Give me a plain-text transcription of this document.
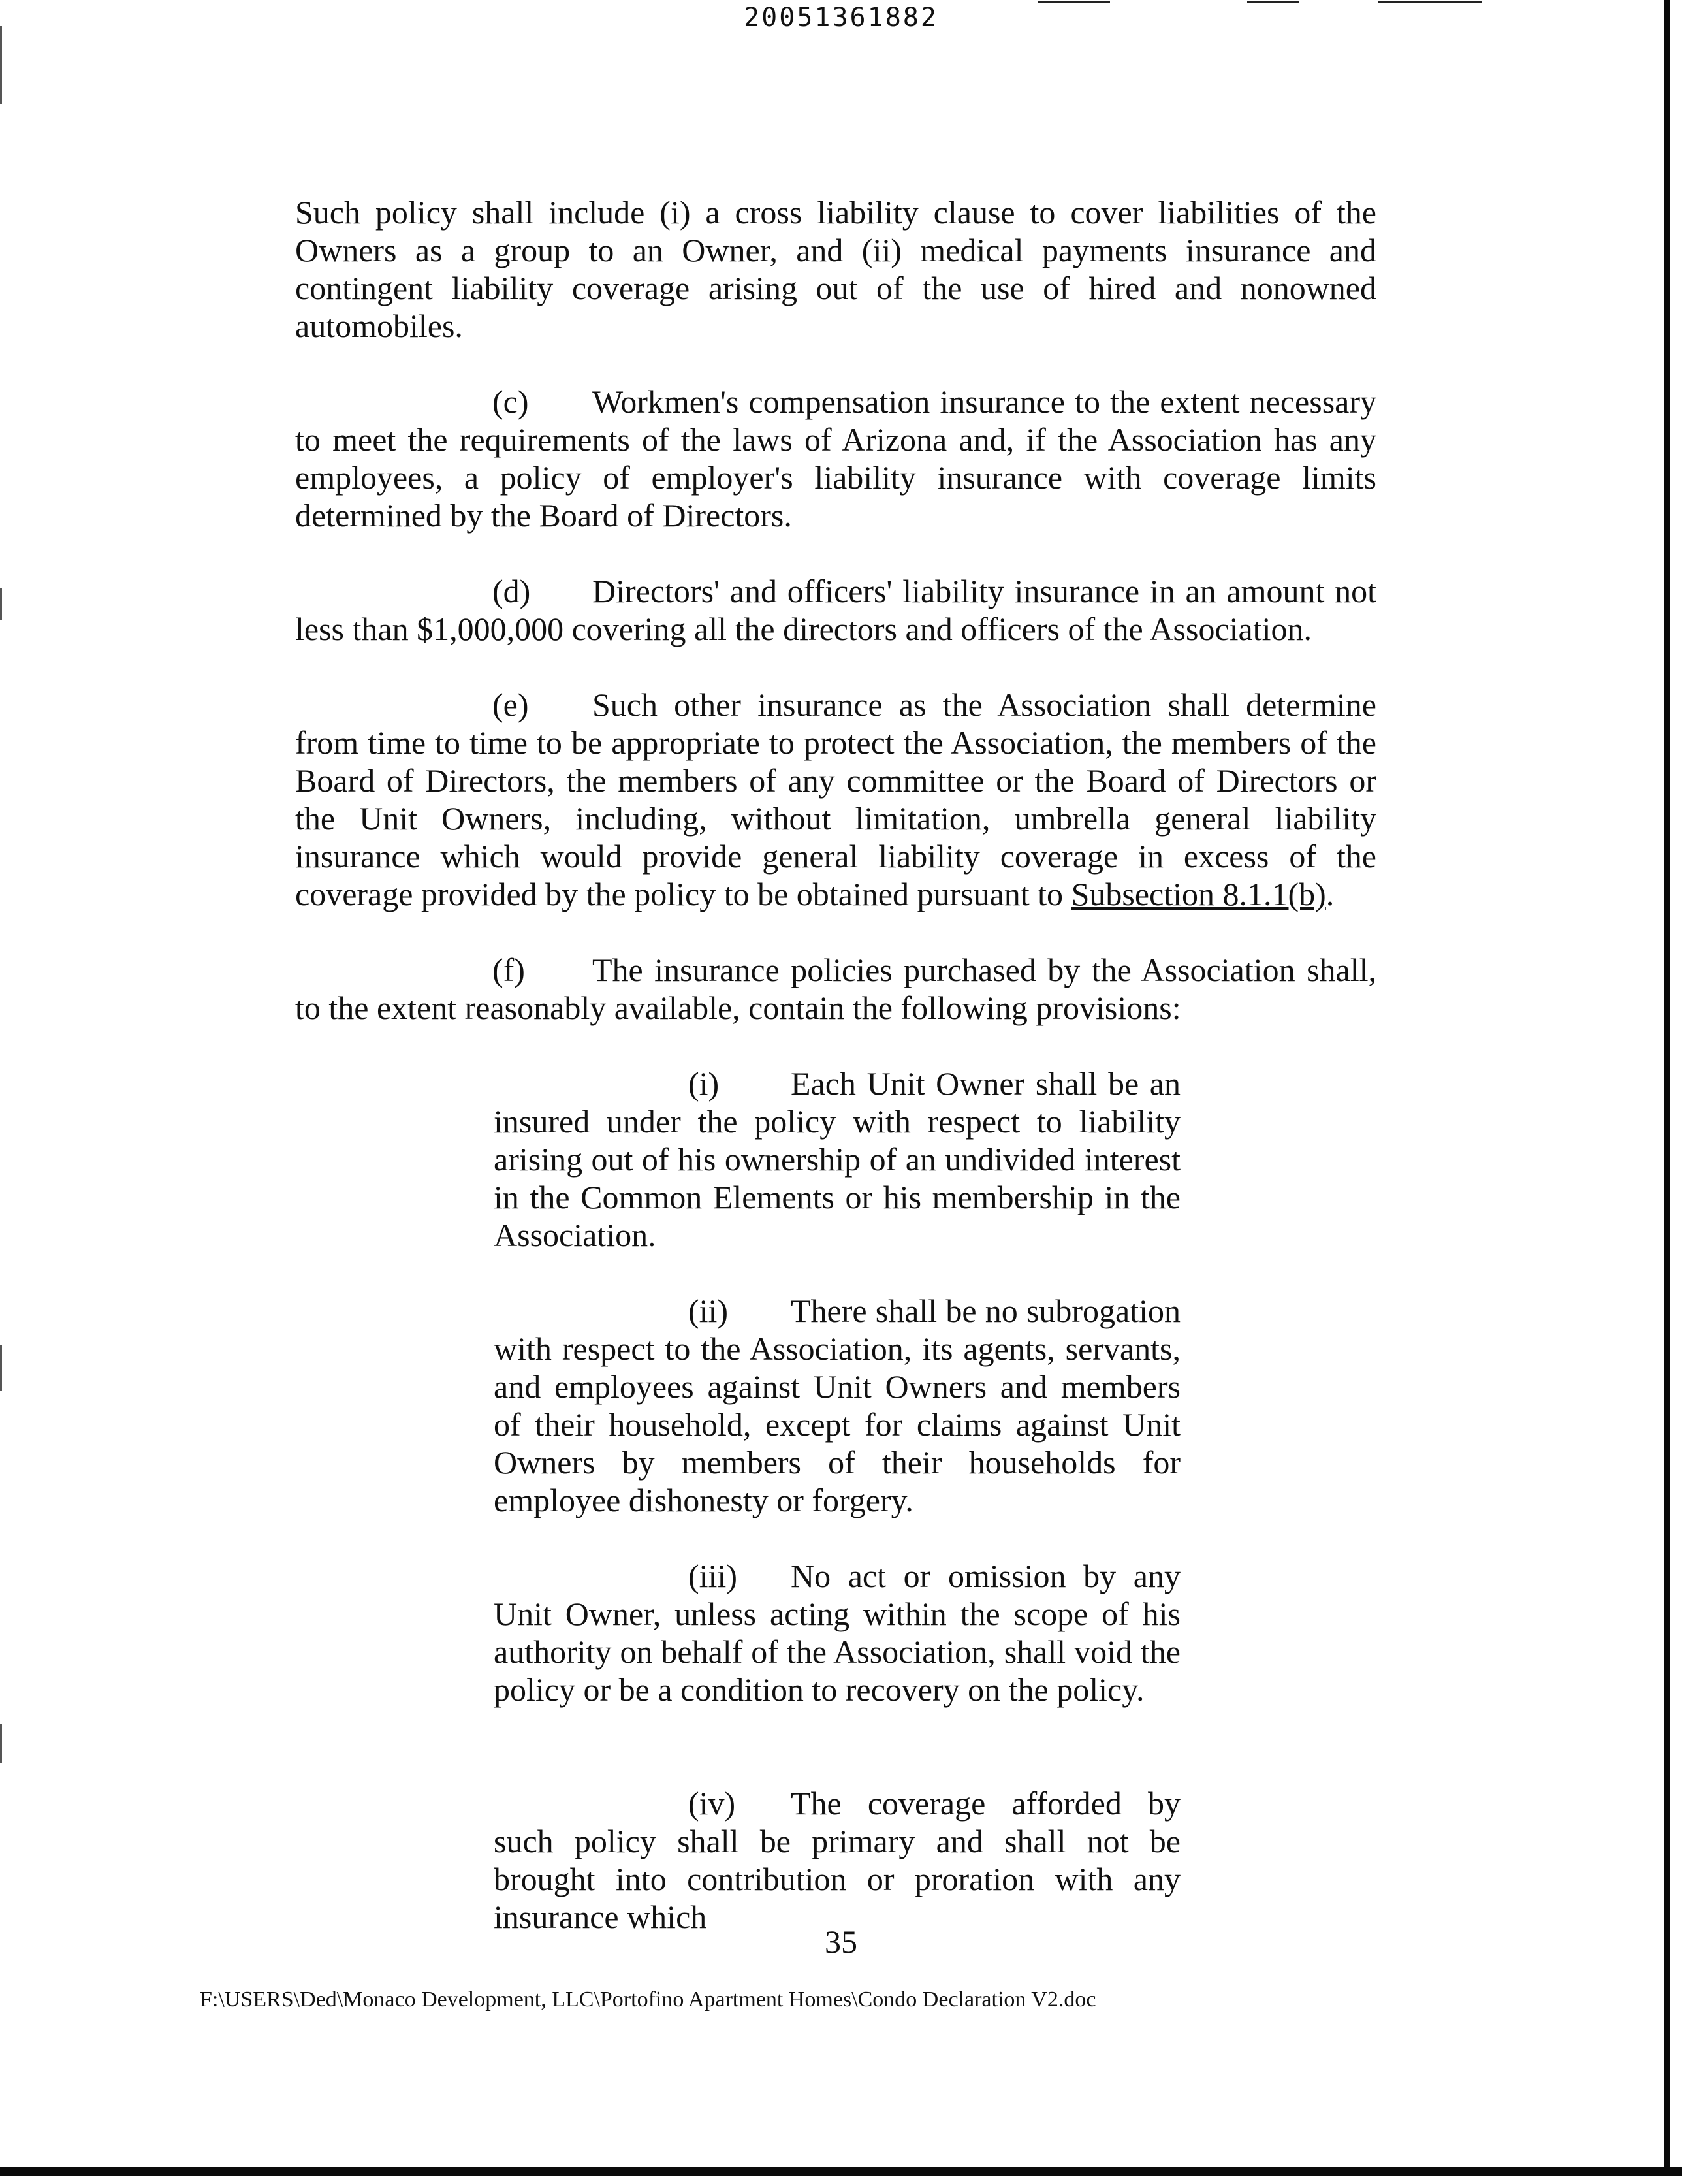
20051361882

Such policy shall include (i) a cross liability clause to cover liabilities of the Owners as a group to an Owner, and (ii) medical payments insurance and contingent liability coverage arising out of the use of hired and nonowned automobiles.

(c) Workmen's compensation insurance to the extent necessary to meet the requirements of the laws of Arizona and, if the Association has any employees, a policy of employer's liability insurance with coverage limits determined by the Board of Directors.

(d) Directors' and officers' liability insurance in an amount not less than $1,000,000 covering all the directors and officers of the Association.

(e) Such other insurance as the Association shall determine from time to time to be appropriate to protect the Association, the members of the Board of Directors, the members of any committee or the Board of Directors or the Unit Owners, including, without limitation, umbrella general liability insurance which would provide general liability coverage in excess of the coverage provided by the policy to be obtained pursuant to Subsection 8.1.1(b).

(f) The insurance policies purchased by the Association shall, to the extent reasonably available, contain the following provisions:

(i) Each Unit Owner shall be an insured under the policy with respect to liability arising out of his ownership of an undivided interest in the Common Elements or his membership in the Association.

(ii) There shall be no subrogation with respect to the Association, its agents, servants, and employees against Unit Owners and members of their household, except for claims against Unit Owners by members of their households for employee dishonesty or forgery.

(iii) No act or omission by any Unit Owner, unless acting within the scope of his authority on behalf of the Association, shall void the policy or be a condition to recovery on the policy.

(iv) The coverage afforded by such policy shall be primary and shall not be brought into contribution or proration with any insurance which

35
F:\USERS\Ded\Monaco Development, LLC\Portofino Apartment Homes\Condo Declaration V2.doc
